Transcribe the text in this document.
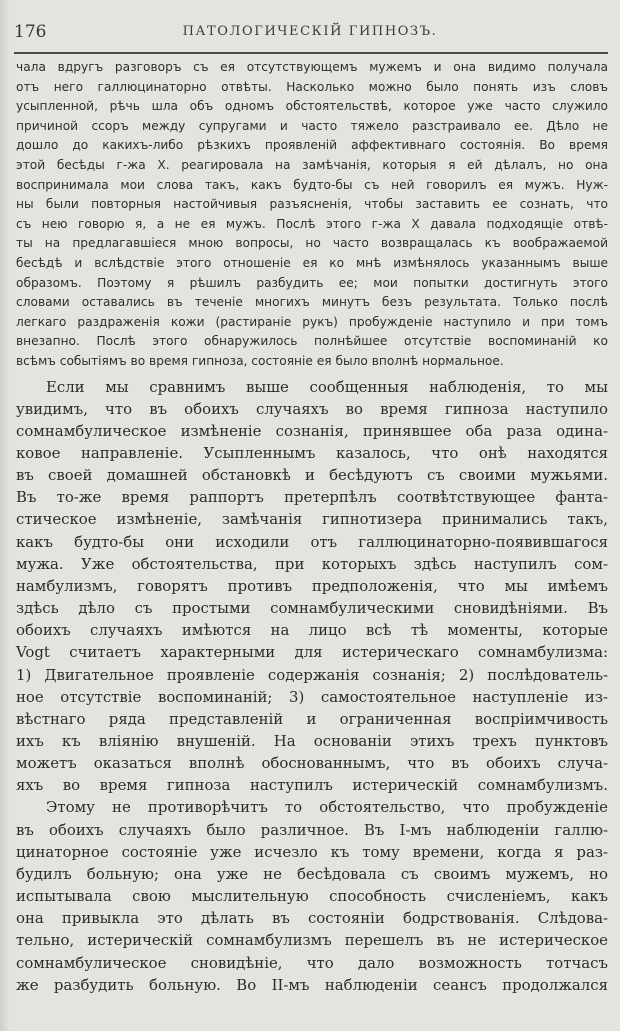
176	ПАТОЛОГИЧЕСКІЙ ГИПНОЗЪ.

чала вдругъ разговоръ съ ея отсутствующемъ мужемъ и она видимо получала
отъ него галлюцинаторно отвѣты. Насколько можно было понять изъ словъ
усыпленной, рѣчь шла объ одномъ обстоятельствѣ, которое уже часто служило
причиной ссоръ между супругами и часто тяжело разстраивало ее. Дѣло не
дошло до какихъ-либо рѣзкихъ проявленій аффективнаго состоянія. Во время
этой бесѣды г-жа Х. реагировала на замѣчанія, которыя я ей дѣлалъ, но она
воспринимала мои слова такъ, какъ будто-бы съ ней говорилъ ея мужъ. Нуж-
ны были повторныя настойчивыя разъясненія, чтобы заставить ее сознать, что
съ нею говорю я, а не ея мужъ. Послѣ этого г-жа Х давала подходящіе отвѣ-
ты на предлагавшіеся мною вопросы, но часто возвращалась къ воображаемой
бесѣдѣ и вслѣдствіе этого отношеніе ея ко мнѣ измѣнялось указаннымъ выше
образомъ. Поэтому я рѣшилъ разбудить ее; мои попытки достигнуть этого
словами оставались въ теченіе многихъ минутъ безъ результата. Только послѣ
легкаго раздраженія кожи (растираніе рукъ) пробужденіе наступило и при томъ
внезапно. Послѣ этого обнаружилось полнѣйшее отсутствіе воспоминаній ко
всѣмъ событіямъ во время гипноза, состояніе ея было вполнѣ нормальное.

Если мы сравнимъ выше сообщенныя наблюденія, то мы
увидимъ, что въ обоихъ случаяхъ во время гипноза наступило
сомнамбулическое измѣненіе сознанія, принявшее оба раза одина-
ковое направленіе. Усыпленнымъ казалось, что онѣ находятся
въ своей домашней обстановкѣ и бесѣдуютъ съ своими мужьями.
Въ то-же время раппортъ претерпѣлъ соотвѣтствующее фанта-
стическое измѣненіе, замѣчанія гипнотизера принимались такъ,
какъ будто-бы они исходили отъ галлюцинаторно-появившагося
мужа. Уже обстоятельства, при которыхъ здѣсь наступилъ сом-
намбулизмъ, говорятъ противъ предположенія, что мы имѣемъ
здѣсь дѣло съ простыми сомнамбулическими сновидѣніями. Въ
обоихъ случаяхъ имѣются на лицо всѣ тѣ моменты, которые
Vogt считаетъ характерными для истерическаго сомнамбулизма:
1) Двигательное проявленіе содержанія сознанія; 2) послѣдователь-
ное отсутствіе воспоминаній; 3) самостоятельное наступленіе из-
вѣстнаго ряда представленій и ограниченная воспріимчивость
ихъ къ вліянію внушеній. На основаніи этихъ трехъ пунктовъ
можетъ оказаться вполнѣ обоснованнымъ, что въ обоихъ случа-
яхъ во время гипноза наступилъ истерическій сомнамбулизмъ.
Этому не противорѣчитъ то обстоятельство, что пробужденіе
въ обоихъ случаяхъ было различное. Въ І-мъ наблюденіи галлю-
цинаторное состояніе уже исчезло къ тому времени, когда я раз-
будилъ больную; она уже не бесѣдовала съ своимъ мужемъ, но
испытывала свою мыслительную способность счисленіемъ, какъ
она привыкла это дѣлать въ состояніи бодрствованія. Слѣдова-
тельно, истерическій сомнамбулизмъ перешелъ въ не истерическое
сомнамбулическое сновидѣніе, что дало возможность тотчасъ
же разбудить больную. Во ІІ-мъ наблюденіи сеансъ продолжался
